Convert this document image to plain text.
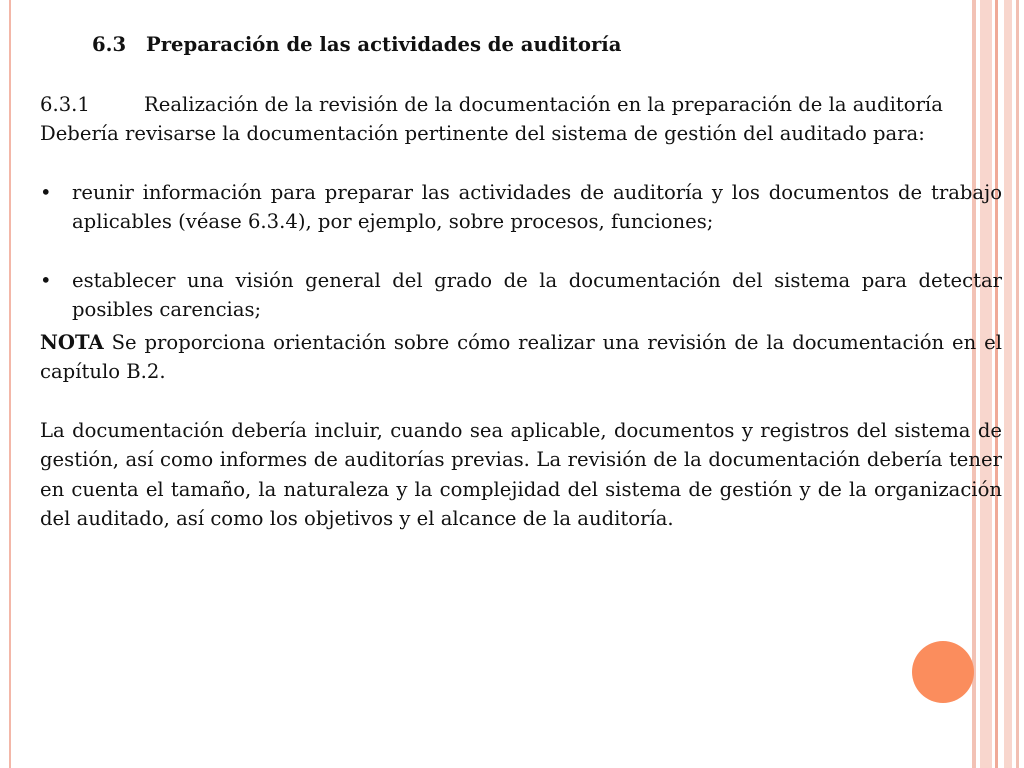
6.3 Preparación de las actividades de auditoría

6.3.1	Realización de la revisión de la documentación en la preparación de la auditoría

Debería revisarse la documentación pertinente del sistema de gestión del auditado para:

• reunir información para preparar las actividades de auditoría y los documentos de trabajo aplicables (véase 6.3.4), por ejemplo, sobre procesos, funciones;
• establecer una visión general del grado de la documentación del sistema para detectar posibles carencias;

NOTA Se proporciona orientación sobre cómo realizar una revisión de la documentación en el capítulo B.2.

La documentación debería incluir, cuando sea aplicable, documentos y registros del sistema de gestión, así como informes de auditorías previas. La revisión de la documentación debería tener en cuenta el tamaño, la naturaleza y la complejidad del sistema de gestión y de la organización del auditado, así como los objetivos y el alcance de la auditoría.
